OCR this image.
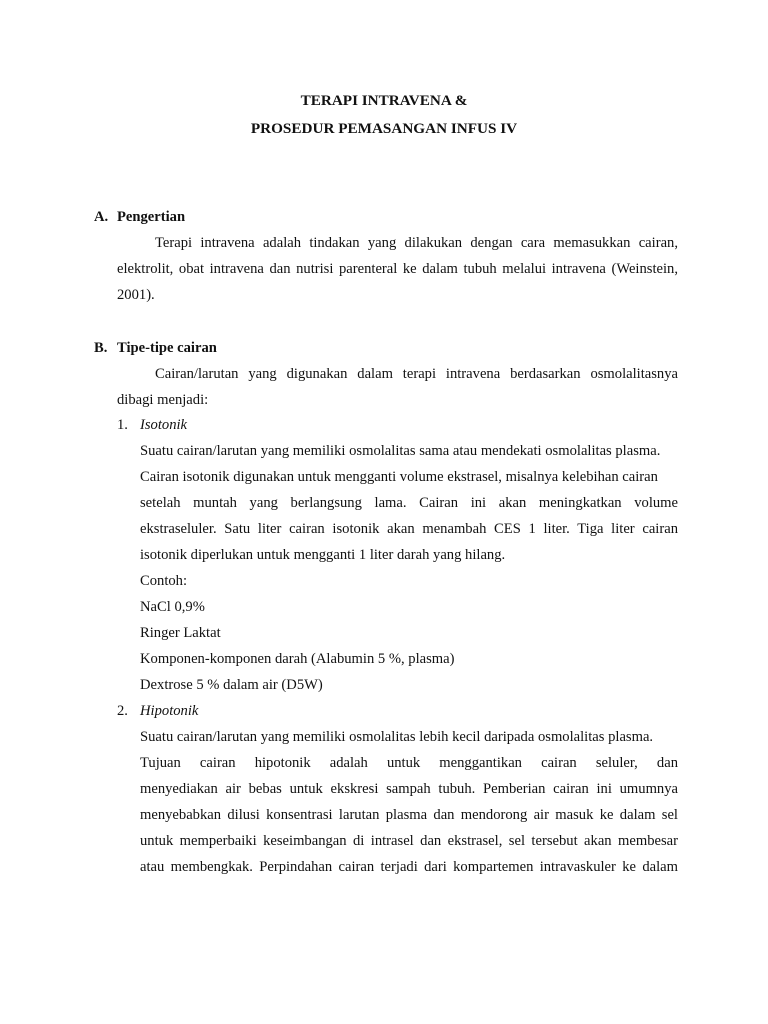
TERAPI INTRAVENA &
PROSEDUR PEMASANGAN INFUS IV
A. Pengertian
Terapi intravena adalah tindakan yang dilakukan dengan cara memasukkan cairan,
elektrolit, obat intravena dan nutrisi parenteral ke dalam tubuh melalui intravena (Weinstein,
2001).
B. Tipe-tipe cairan
Cairan/larutan yang digunakan dalam terapi intravena berdasarkan osmolalitasnya
dibagi menjadi:
1. Isotonik
Suatu cairan/larutan yang memiliki osmolalitas sama atau mendekati osmolalitas plasma.
Cairan isotonik digunakan untuk mengganti volume ekstrasel, misalnya kelebihan cairan
setelah muntah yang berlangsung lama. Cairan ini akan meningkatkan volume
ekstraseluler. Satu liter cairan isotonik akan menambah CES 1 liter. Tiga liter cairan
isotonik diperlukan untuk mengganti 1 liter darah yang hilang.
Contoh:
NaCl 0,9%
Ringer Laktat
Komponen-komponen darah (Alabumin 5 %, plasma)
Dextrose 5 % dalam air (D5W)
2. Hipotonik
Suatu cairan/larutan yang memiliki osmolalitas lebih kecil daripada osmolalitas plasma.
Tujuan cairan hipotonik adalah untuk menggantikan cairan seluler, dan
menyediakan air bebas untuk ekskresi sampah tubuh. Pemberian cairan ini umumnya
menyebabkan dilusi konsentrasi larutan plasma dan mendorong air masuk ke dalam sel
untuk memperbaiki keseimbangan di intrasel dan ekstrasel, sel tersebut akan membesar
atau membengkak. Perpindahan cairan terjadi dari kompartemen intravaskuler ke dalam
